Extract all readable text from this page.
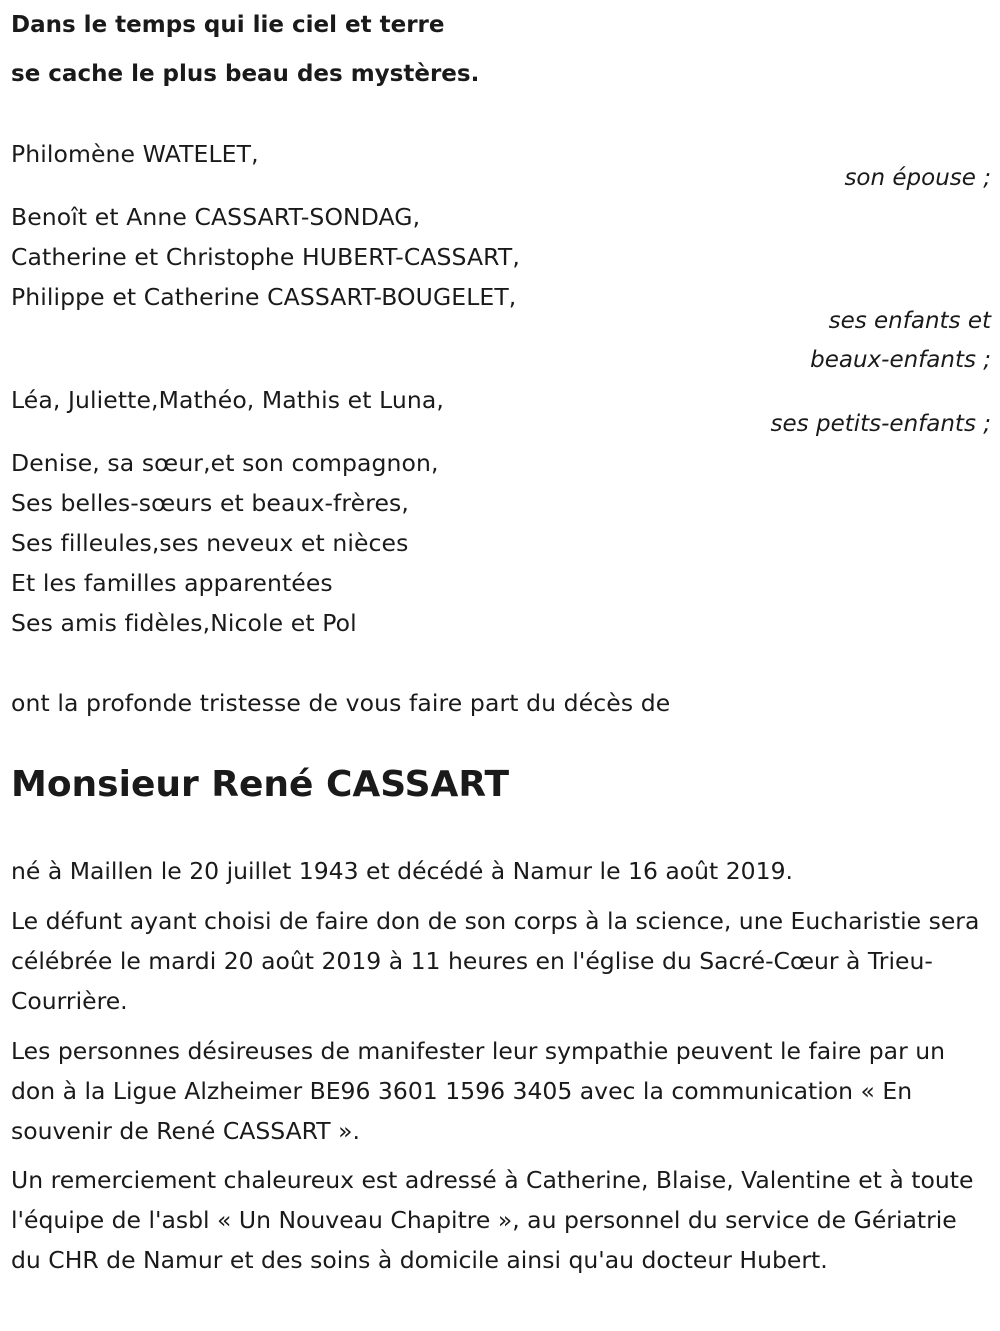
Dans le temps qui lie ciel et terre

se cache le plus beau des mystères.

Philomène WATELET,
son épouse ;
Benoît et Anne CASSART-SONDAG,
Catherine et Christophe HUBERT-CASSART,
Philippe et Catherine CASSART-BOUGELET,
ses enfants et
beaux-enfants ;
Léa, Juliette,Mathéo, Mathis et Luna,
ses petits-enfants ;
Denise, sa sœur,et son compagnon,
Ses belles-sœurs et beaux-frères,
Ses filleules,ses neveux et nièces
Et les familles apparentées
Ses amis fidèles,Nicole et Pol
ont la profonde tristesse de vous faire part du décès de
Monsieur René CASSART

né à Maillen le 20 juillet 1943 et décédé à Namur le 16 août 2019.

Le défunt ayant choisi de faire don de son corps à la science, une Eucharistie sera célébrée le mardi 20 août 2019 à 11 heures en l'église du Sacré-Cœur à Trieu-Courrière.

Les personnes désireuses de manifester leur sympathie peuvent le faire par un don à la Ligue Alzheimer BE96 3601 1596 3405 avec la communication « En souvenir de René CASSART ».

Un remerciement chaleureux est adressé à Catherine, Blaise, Valentine et à toute l'équipe de l'asbl « Un Nouveau Chapitre », au personnel du service de Gériatrie du CHR de Namur et des soins à domicile ainsi qu'au docteur Hubert.
